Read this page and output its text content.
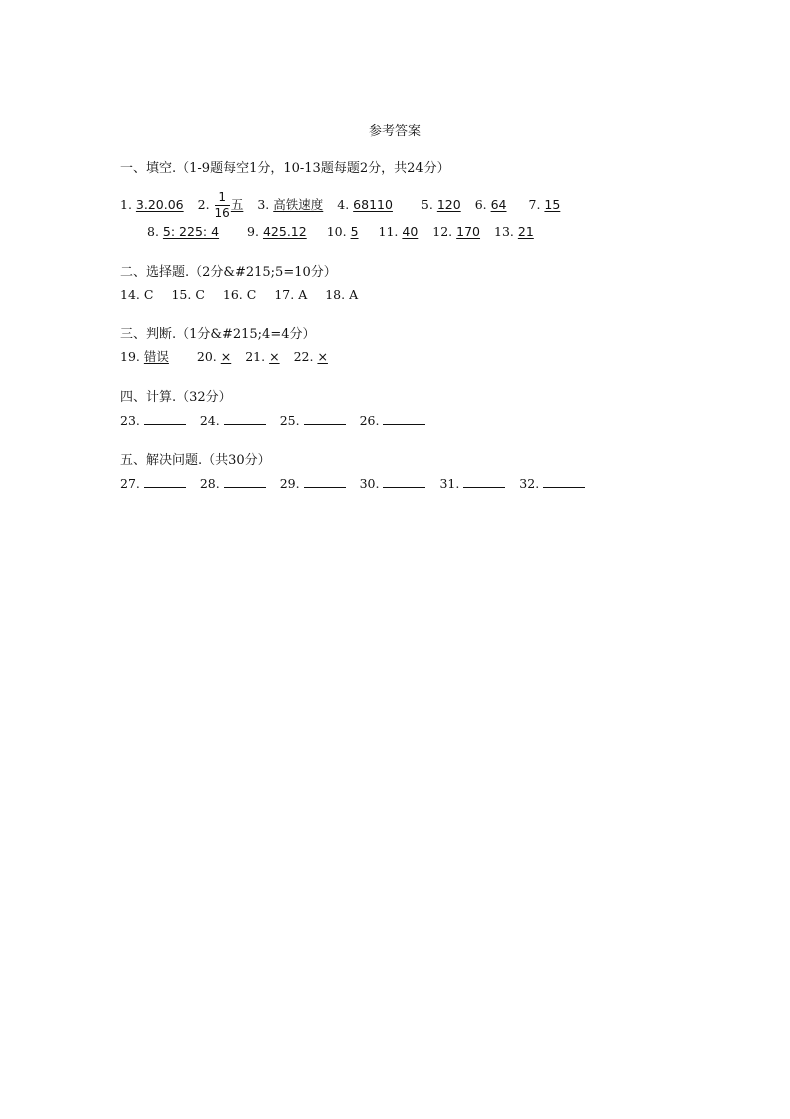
参考答案
一、填空.（1-9题每空1分，10-13题每题2分，共24分）
1. 3.20.06 2. $\frac{1}{16}$ 五 3. 高铁速度 4. 68110 5. 120 6. 64 7. 15
8. 5: 225: 4 9. 425.12 10. 5 11. 40 12. 170 13. 21
二、选择题.（2分&#215;5=10分）
14. C 15. C 16. C 17. A 18. A
三、判断.（1分&#215;4=4分）
19. 错误 20. × 21. × 22. ×
四、计算.（32分）
23.	24.	25.	26.
五、解决问题.（共30分）
27.	28.	29.	30.	31.	32.
